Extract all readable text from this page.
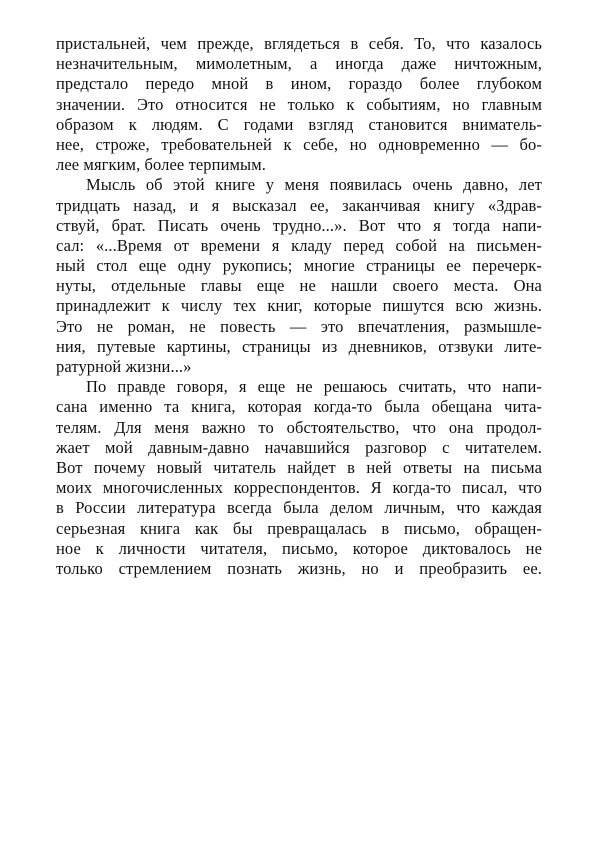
пристальней, чем прежде, вглядеться в себя. То, что казалось
незначительным, мимолетным, а иногда даже ничтожным,
предстало передо мной в ином, гораздо более глубоком
значении. Это относится не только к событиям, но главным
образом к людям. С годами взгляд становится вниматель-
нее, строже, требовательней к себе, но одновременно — бо-
лее мягким, более терпимым.
Мысль об этой книге у меня появилась очень давно, лет
тридцать назад, и я высказал ее, заканчивая книгу «Здрав-
ствуй, брат. Писать очень трудно...». Вот что я тогда напи-
сал: «...Время от времени я кладу перед собой на письмен-
ный стол еще одну рукопись; многие страницы ее перечерк-
нуты, отдельные главы еще не нашли своего места. Она
принадлежит к числу тех книг, которые пишутся всю жизнь.
Это не роман, не повесть — это впечатления, размышле-
ния, путевые картины, страницы из дневников, отзвуки лите-
ратурной жизни...»
По правде говоря, я еще не решаюсь считать, что напи-
сана именно та книга, которая когда-то была обещана чита-
телям. Для меня важно то обстоятельство, что она продол-
жает мой давным-давно начавшийся разговор с читателем.
Вот почему новый читатель найдет в ней ответы на письма
моих многочисленных корреспондентов. Я когда-то писал, что
в России литература всегда была делом личным, что каждая
серьезная книга как бы превращалась в письмо, обращен-
ное к личности читателя, письмо, которое диктовалось не
только стремлением познать жизнь, но и преобразить ее.
